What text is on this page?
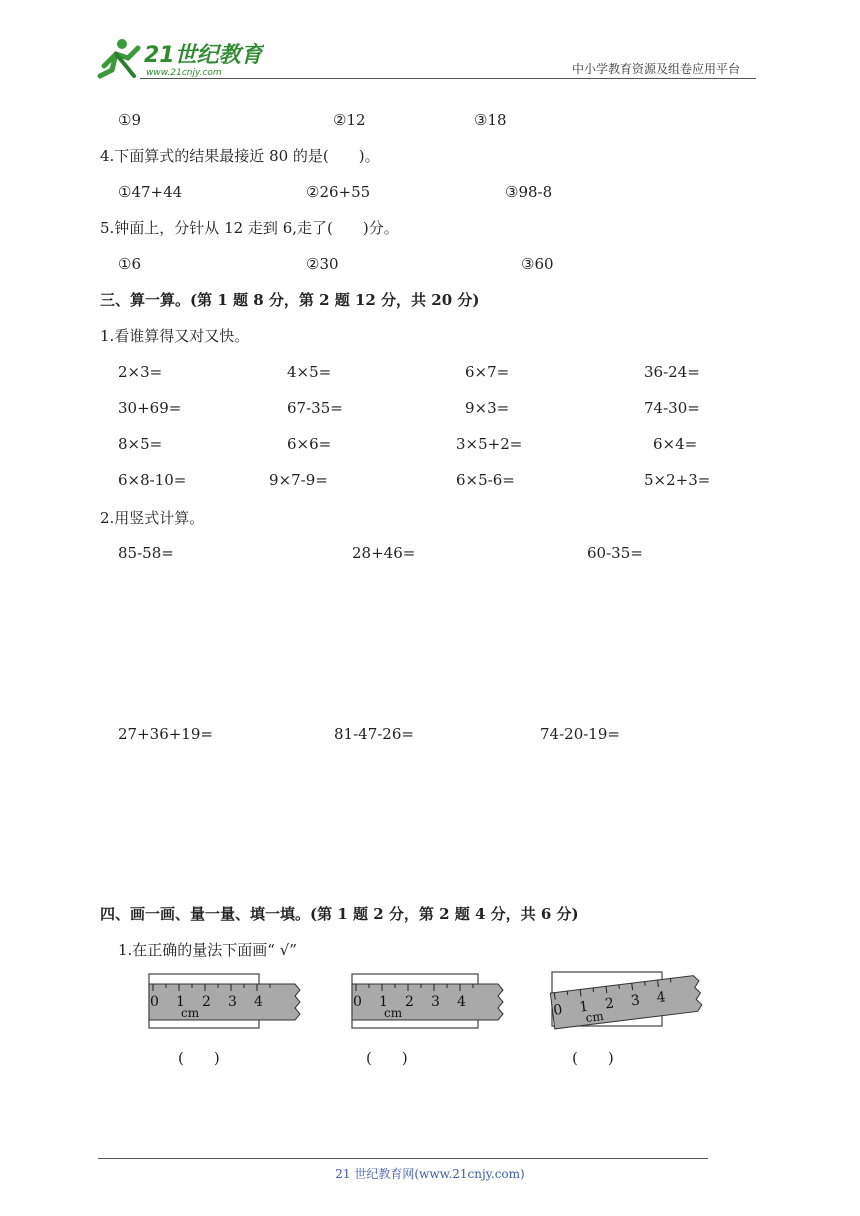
21世纪教育
www.21cnjy.com	中小学教育资源及组卷应用平台
①9	②12	③18
4.下面算式的结果最接近 80 的是(　　)。
①47+44	②26+55	③98-8
5.钟面上，分针从 12 走到 6,走了(　　)分。
①6	②30	③60
三、算一算。(第 1 题 8 分，第 2 题 12 分，共 20 分)
1.看谁算得又对又快。
2×3=	4×5=	6×7=	36-24=
30+69=	67-35=	9×3=	74-30=
8×5=	6×6=	3×5+2=	6×4=
6×8-10=	9×7-9=	6×5-6=	5×2+3=
2.用竖式计算。
85-58=	28+46=	60-35=
27+36+19=	81-47-26=	74-20-19=
四、画一画、量一量、填一填。(第 1 题 2 分，第 2 题 4 分，共 6 分)
1.在正确的量法下面画“ √”
0 1 2 3 4
cm
0 1 2 3 4
cm	0 1 2 3 4
cm
(　　)	(　　)	(　　)
21 世纪教育网(www.21cnjy.com)
